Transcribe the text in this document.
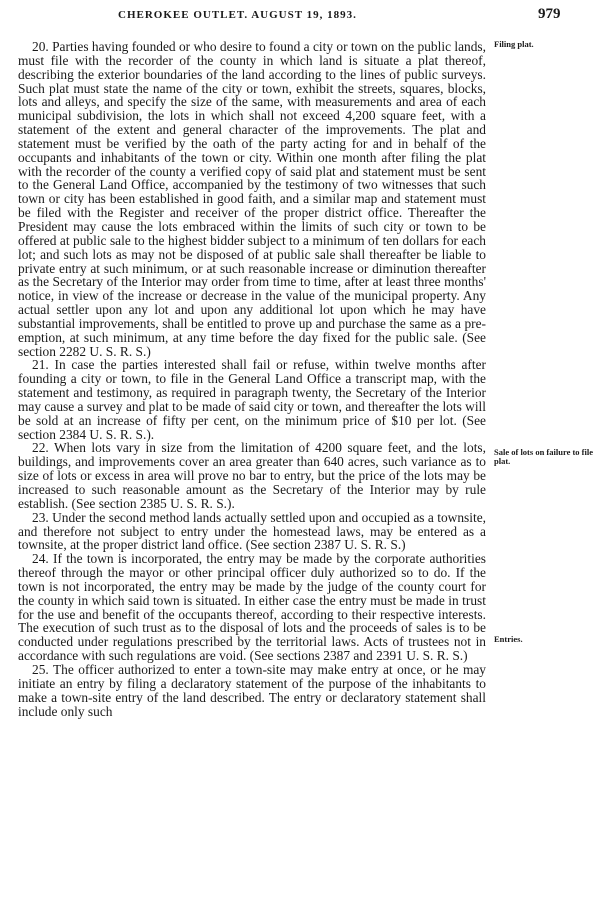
CHEROKEE OUTLET. AUGUST 19, 1893.	979
Filing plat.
Sale of lots on failure to file plat.
Entries.

20. Parties having founded or who desire to found a city or town on the public lands, must file with the recorder of the county in which land is situate a plat thereof, describing the exterior boundaries of the land according to the lines of public surveys. Such plat must state the name of the city or town, exhibit the streets, squares, blocks, lots and alleys, and specify the size of the same, with measurements and area of each municipal subdivision, the lots in which shall not exceed 4,200 square feet, with a statement of the extent and general character of the improvements. The plat and statement must be verified by the oath of the party acting for and in behalf of the occupants and inhabitants of the town or city. Within one month after filing the plat with the recorder of the county a verified copy of said plat and statement must be sent to the General Land Office, accompanied by the testimony of two witnesses that such town or city has been established in good faith, and a similar map and statement must be filed with the Register and receiver of the proper district office. Thereafter the President may cause the lots embraced within the limits of such city or town to be offered at public sale to the highest bidder subject to a minimum of ten dollars for each lot; and such lots as may not be disposed of at public sale shall thereafter be liable to private entry at such minimum, or at such reasonable increase or diminution thereafter as the Secretary of the Interior may order from time to time, after at least three months' notice, in view of the increase or decrease in the value of the municipal property. Any actual settler upon any lot and upon any additional lot upon which he may have substantial improvements, shall be entitled to prove up and purchase the same as a pre-emption, at such minimum, at any time before the day fixed for the public sale. (See section 2282 U. S. R. S.)

21. In case the parties interested shall fail or refuse, within twelve months after founding a city or town, to file in the General Land Office a transcript map, with the statement and testimony, as required in paragraph twenty, the Secretary of the Interior may cause a survey and plat to be made of said city or town, and thereafter the lots will be sold at an increase of fifty per cent, on the minimum price of $10 per lot. (See section 2384 U. S. R. S.).

22. When lots vary in size from the limitation of 4200 square feet, and the lots, buildings, and improvements cover an area greater than 640 acres, such variance as to size of lots or excess in area will prove no bar to entry, but the price of the lots may be increased to such reasonable amount as the Secretary of the Interior may by rule establish. (See section 2385 U. S. R. S.).

23. Under the second method lands actually settled upon and occupied as a townsite, and therefore not subject to entry under the homestead laws, may be entered as a townsite, at the proper district land office. (See section 2387 U. S. R. S.)

24. If the town is incorporated, the entry may be made by the corporate authorities thereof through the mayor or other principal officer duly authorized so to do. If the town is not incorporated, the entry may be made by the judge of the county court for the county in which said town is situated. In either case the entry must be made in trust for the use and benefit of the occupants thereof, according to their respective interests. The execution of such trust as to the disposal of lots and the proceeds of sales is to be conducted under regulations prescribed by the territorial laws. Acts of trustees not in accordance with such regulations are void. (See sections 2387 and 2391 U. S. R. S.)

25. The officer authorized to enter a town-site may make entry at once, or he may initiate an entry by filing a declaratory statement of the purpose of the inhabitants to make a town-site entry of the land described. The entry or declaratory statement shall include only such
